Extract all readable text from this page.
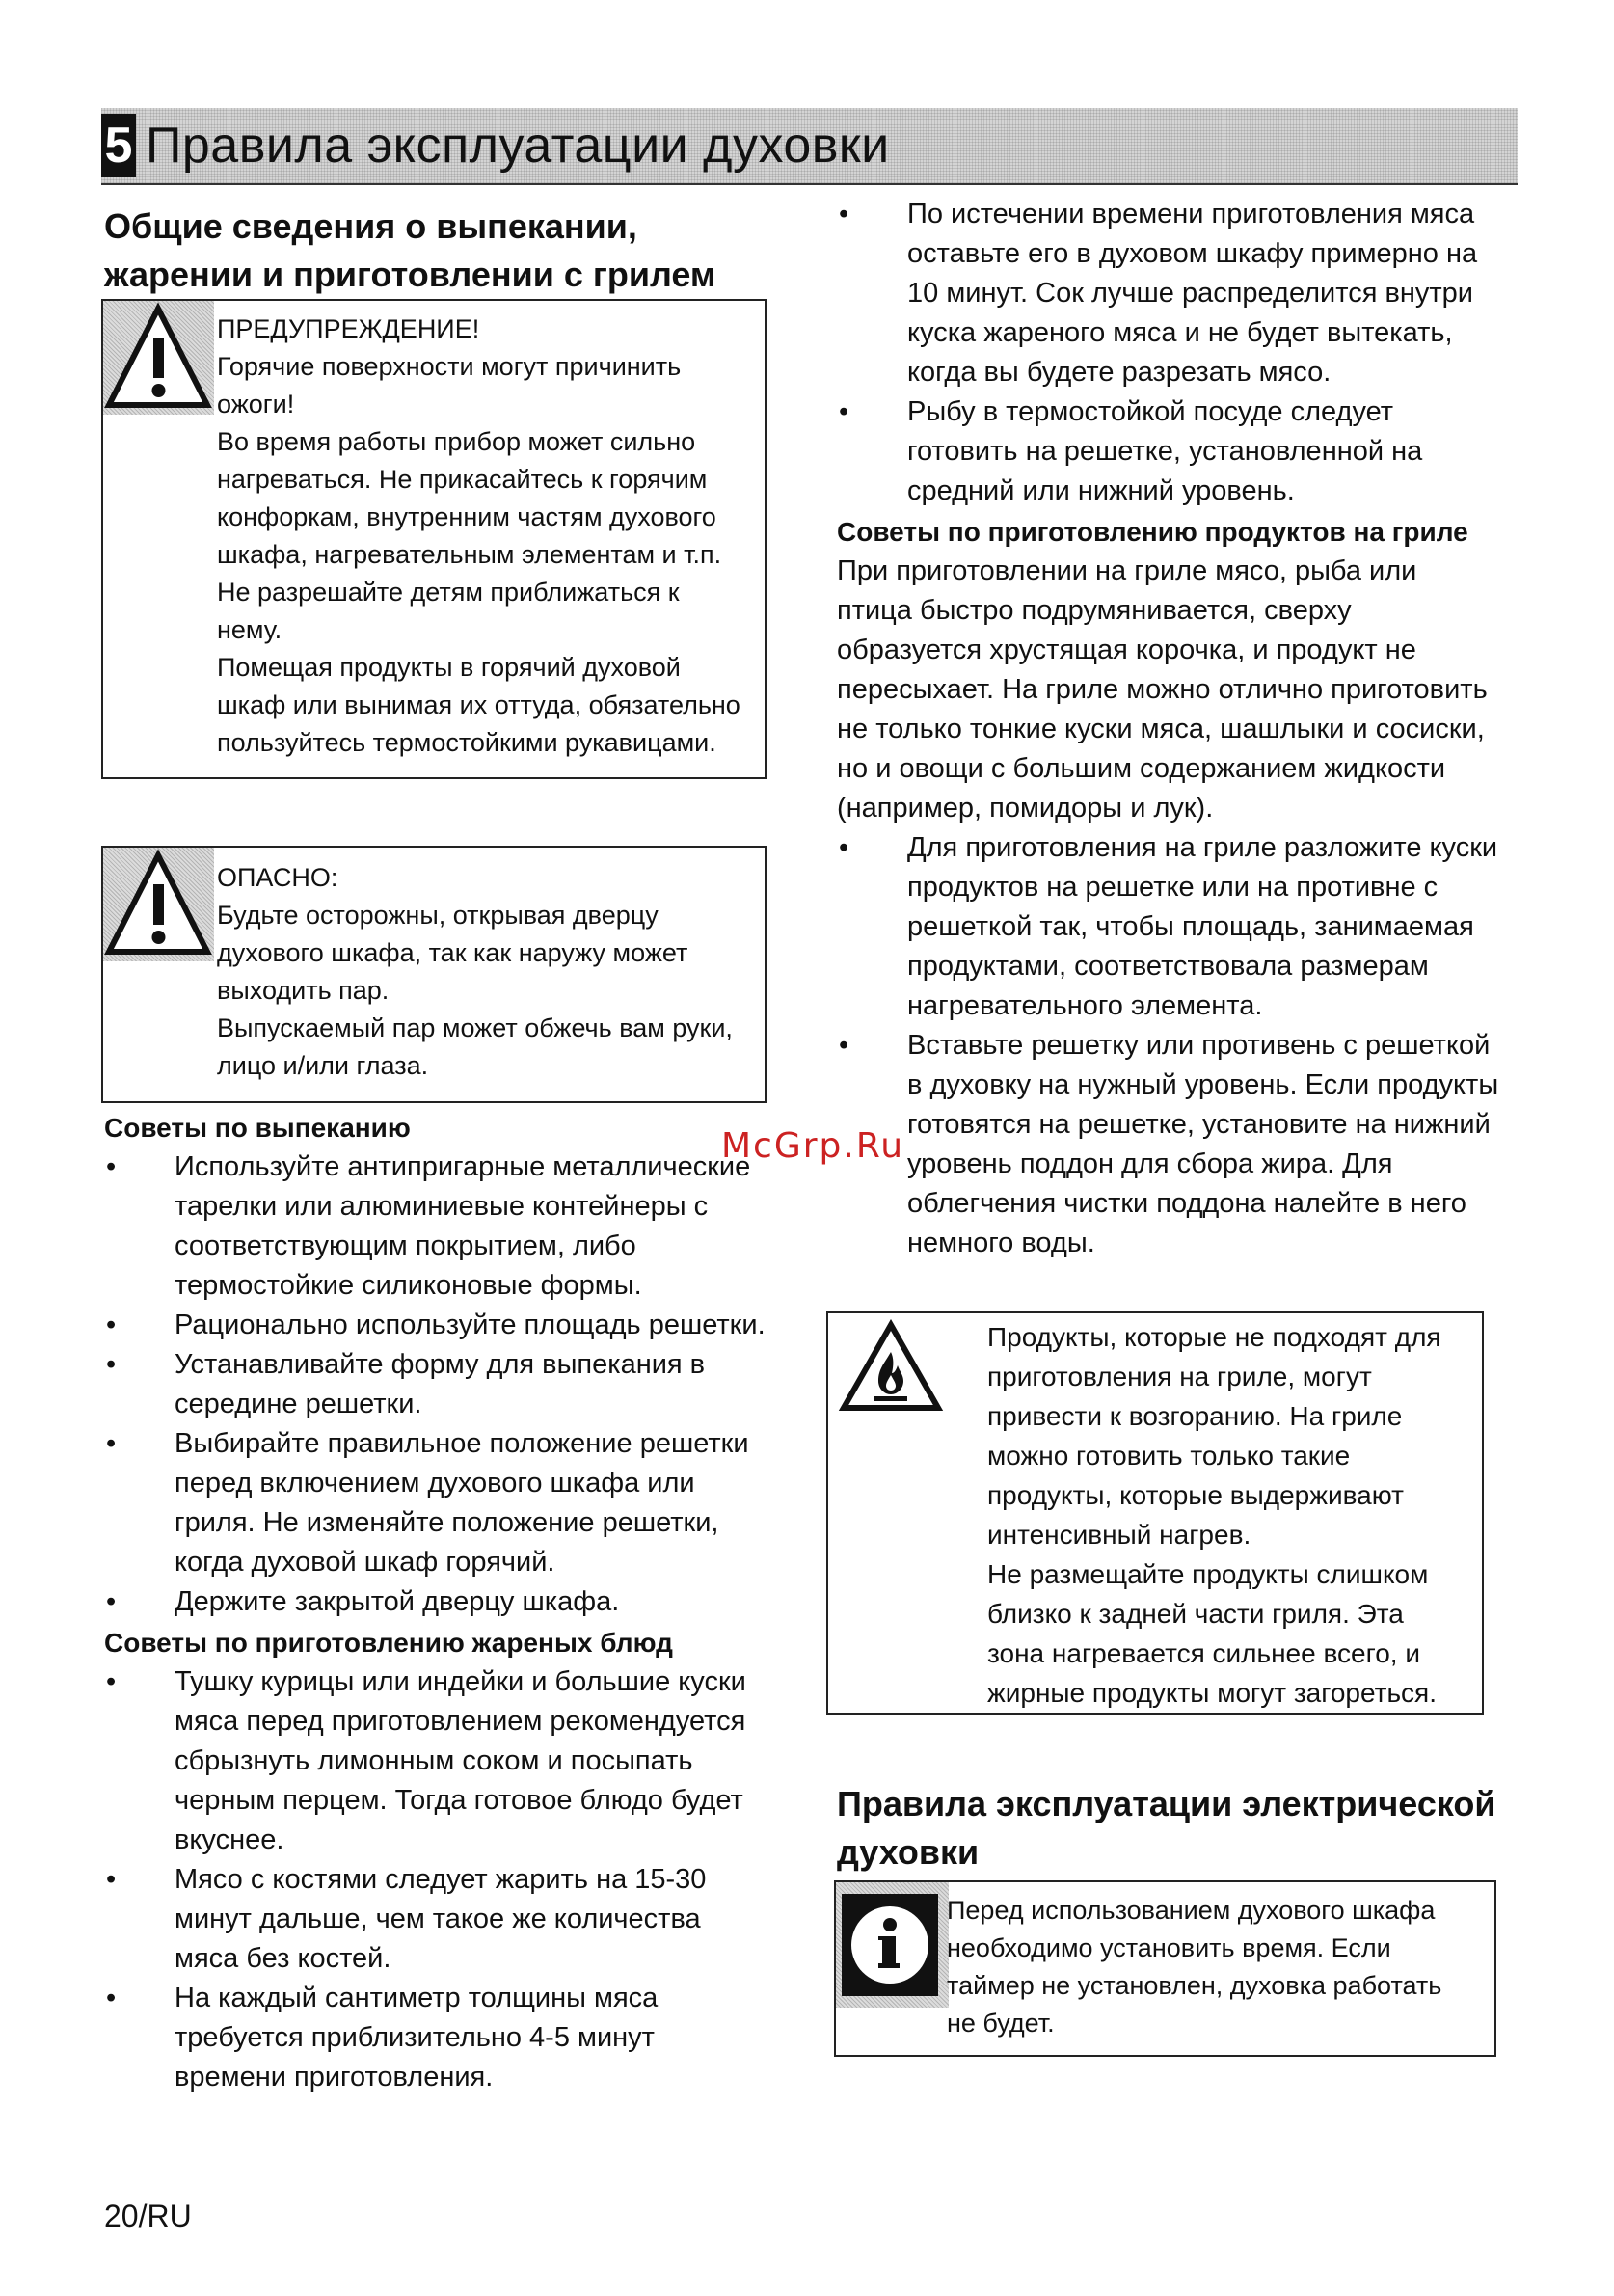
5 Правила эксплуатации духовки
Общие сведения о выпекании,
жарении и приготовлении с грилем
ПРЕДУПРЕЖДЕНИЕ!
Горячие поверхности могут причинить
ожоги!
Во время работы прибор может сильно
нагреваться. Не прикасайтесь к горячим
конфоркам, внутренним частям духового
шкафа, нагревательным элементам и т.п.
Не разрешайте детям приближаться к
нему.
Помещая продукты в горячий духовой
шкаф или вынимая их оттуда, обязательно
пользуйтесь термостойкими рукавицами.
ОПАСНО:
Будьте осторожны, открывая дверцу
духового шкафа, так как наружу может
выходить пар.
Выпускаемый пар может обжечь вам руки,
лицо и/или глаза.
Советы по выпеканию
• Используйте антипригарные металлические
тарелки или алюминиевые контейнеры с
соответствующим покрытием, либо
термостойкие силиконовые формы.
• Рационально используйте площадь решетки.
• Устанавливайте форму для выпекания в
середине решетки.
• Выбирайте правильное положение решетки
перед включением духового шкафа или
гриля. Не изменяйте положение решетки,
когда духовой шкаф горячий.
• Держите закрытой дверцу шкафа.
Советы по приготовлению жареных блюд
• Тушку курицы или индейки и большие куски
мяса перед приготовлением рекомендуется
сбрызнуть лимонным соком и посыпать
черным перцем. Тогда готовое блюдо будет
вкуснее.
• Мясо с костями следует жарить на 15-30
минут дальше, чем такое же количества
мяса без костей.
• На каждый сантиметр толщины мяса
требуется приблизительно 4-5 минут
времени приготовления.
• По истечении времени приготовления мяса
оставьте его в духовом шкафу примерно на
10 минут. Сок лучше распределится внутри
куска жареного мяса и не будет вытекать,
когда вы будете разрезать мясо.
• Рыбу в термостойкой посуде следует
готовить на решетке, установленной на
средний или нижний уровень.
Советы по приготовлению продуктов на гриле

При приготовлении на гриле мясо, рыба или

птица быстро подрумянивается, сверху

образуется хрустящая корочка, и продукт не

пересыхает. На гриле можно отлично приготовить

не только тонкие куски мяса, шашлыки и сосиски,

но и овощи с большим содержанием жидкости

(например, помидоры и лук).

• Для приготовления на гриле разложите куски
продуктов на решетке или на противне с
решеткой так, чтобы площадь, занимаемая
продуктами, соответствовала размерам
нагревательного элемента.
• Вставьте решетку или противень с решеткой
в духовку на нужный уровень. Если продукты
готовятся на решетке, установите на нижний
уровень поддон для сбора жира. Для
облегчения чистки поддона налейте в него
немного воды.
Продукты, которые не подходят для
приготовления на гриле, могут
привести к возгоранию. На гриле
можно готовить только такие
продукты, которые выдерживают
интенсивный нагрев.
Не размещайте продукты слишком
близко к задней части гриля. Эта
зона нагревается сильнее всего, и
жирные продукты могут загореться.
Правила эксплуатации электрической
духовки
Перед использованием духового шкафа
необходимо установить время. Если
таймер не установлен, духовка работать
не будет.
McGrp.Ru
20/RU
